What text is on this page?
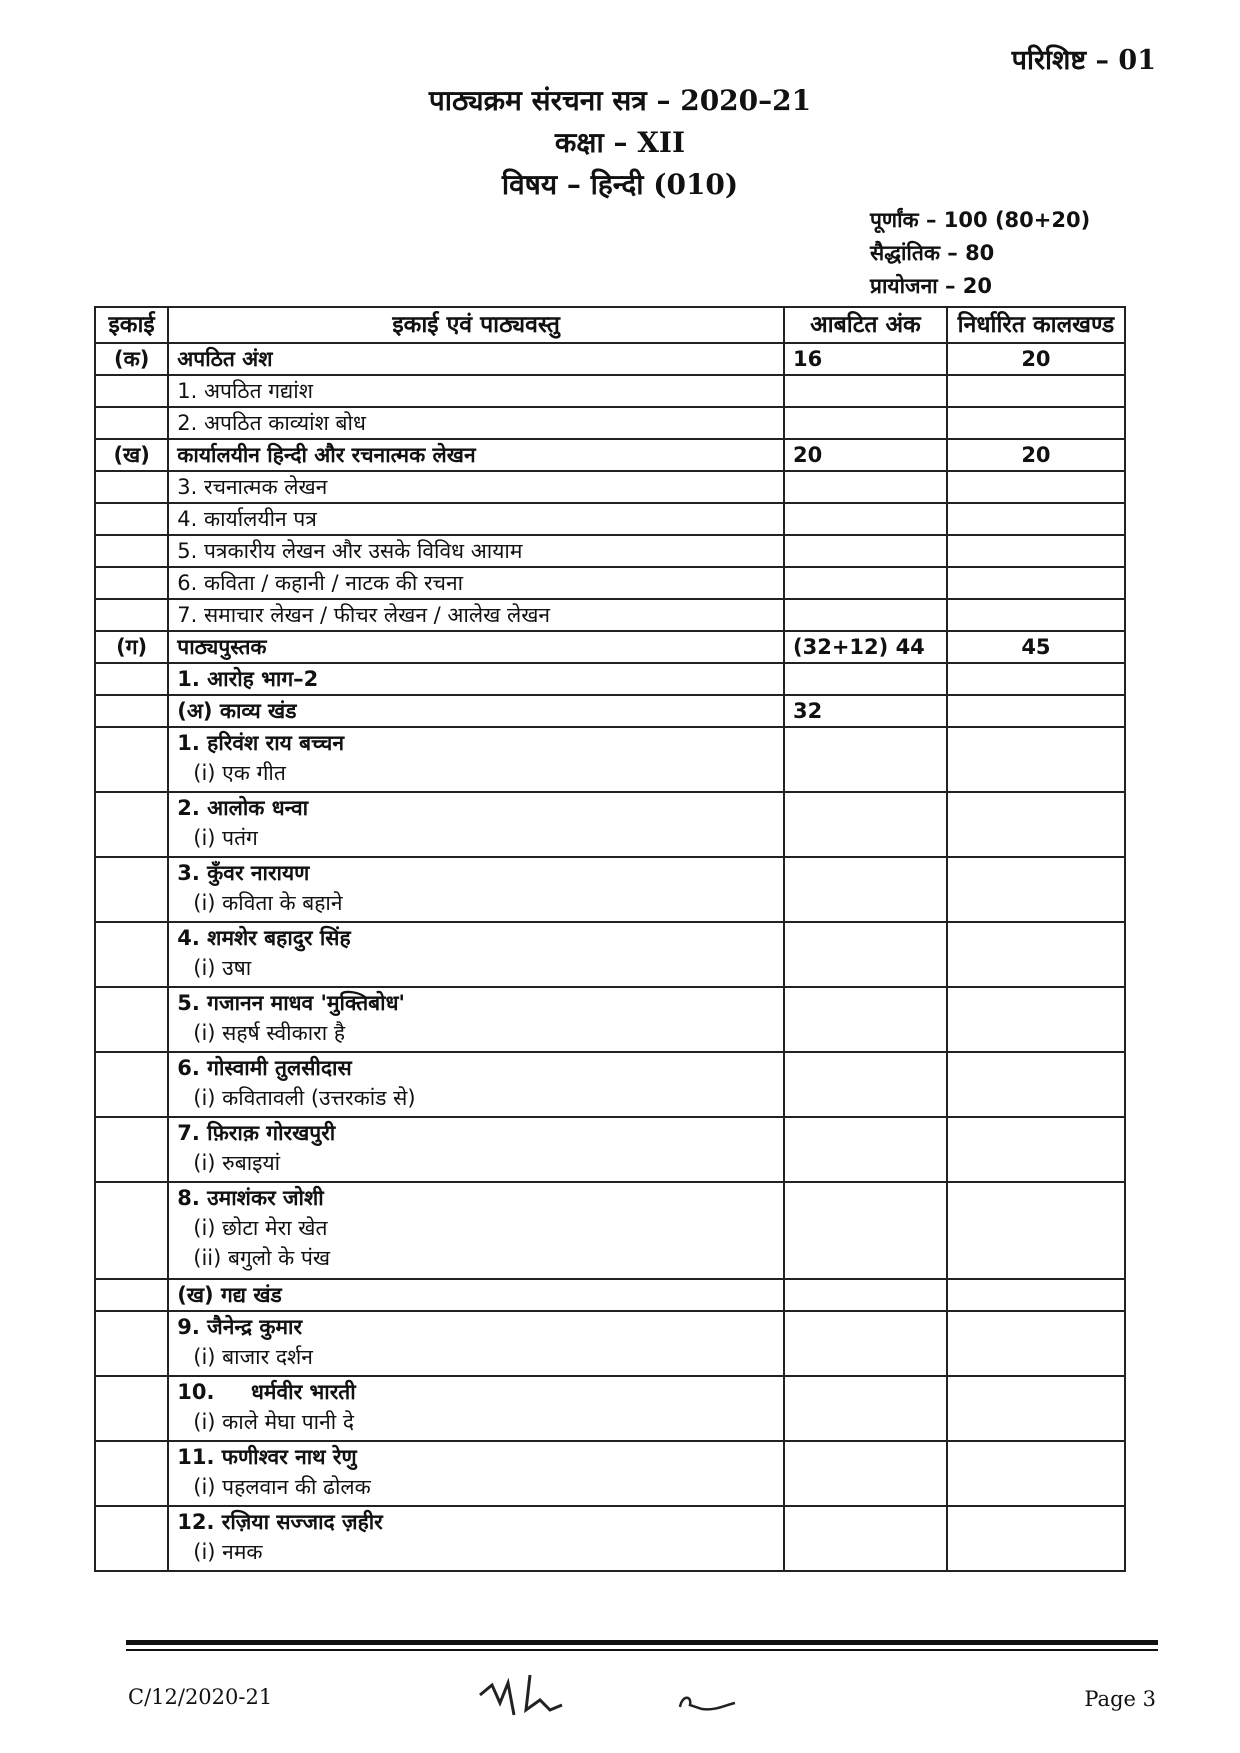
परिशिष्ट – 01
पाठ्यक्रम संरचना सत्र – 2020–21
कक्षा – XII
विषय – हिन्दी (010)
पूर्णांक – 100 (80+20)
सैद्धांतिक – 80
प्रायोजना – 20
इकाई	इकाई एवं पाठ्यवस्तु	आबटित अंक	निर्धारित कालखण्ड
(क)	अपठित अंश	16	20
	1. अपठित गद्यांश		
	2. अपठित काव्यांश बोध		
(ख)	कार्यालयीन हिन्दी और रचनात्मक लेखन	20	20
	3. रचनात्मक लेखन		
	4. कार्यालयीन पत्र		
	5. पत्रकारीय लेखन और उसके विविध आयाम		
	6. कविता / कहानी / नाटक की रचना		
	7. समाचार लेखन / फीचर लेखन / आलेख लेखन		
(ग)	पाठ्यपुस्तक	(32+12) 44	45
	1. आरोह भाग–2		
	(अ) काव्य खंड	32	
	1. हरिवंश राय बच्चन
(i) एक गीत		

	2. आलोक धन्वा
(i) पतंग		

	3. कुँवर नारायण
(i) कविता के बहाने		

	4. शमशेर बहादुर सिंह
(i) उषा		

	5. गजानन माधव 'मुक्तिबोध'
(i) सहर्ष स्वीकारा है		

	6. गोस्वामी तुलसीदास
(i) कवितावली (उत्तरकांड से)		

	7. फ़िराक़ गोरखपुरी
(i) रुबाइयां		

	8. उमाशंकर जोशी
(i) छोटा मेरा खेत
(ii) बगुलो के पंख		

	(ख) गद्य खंड		
	9. जैनेन्द्र कुमार
(i) बाजार दर्शन		

	10.     धर्मवीर भारती
(i) काले मेघा पानी दे		

	11. फणीश्वर नाथ रेणु
(i) पहलवान की ढोलक		

	12. रज़िया सज्जाद ज़हीर
(i) नमक		

C/12/2020-21	Page 3
